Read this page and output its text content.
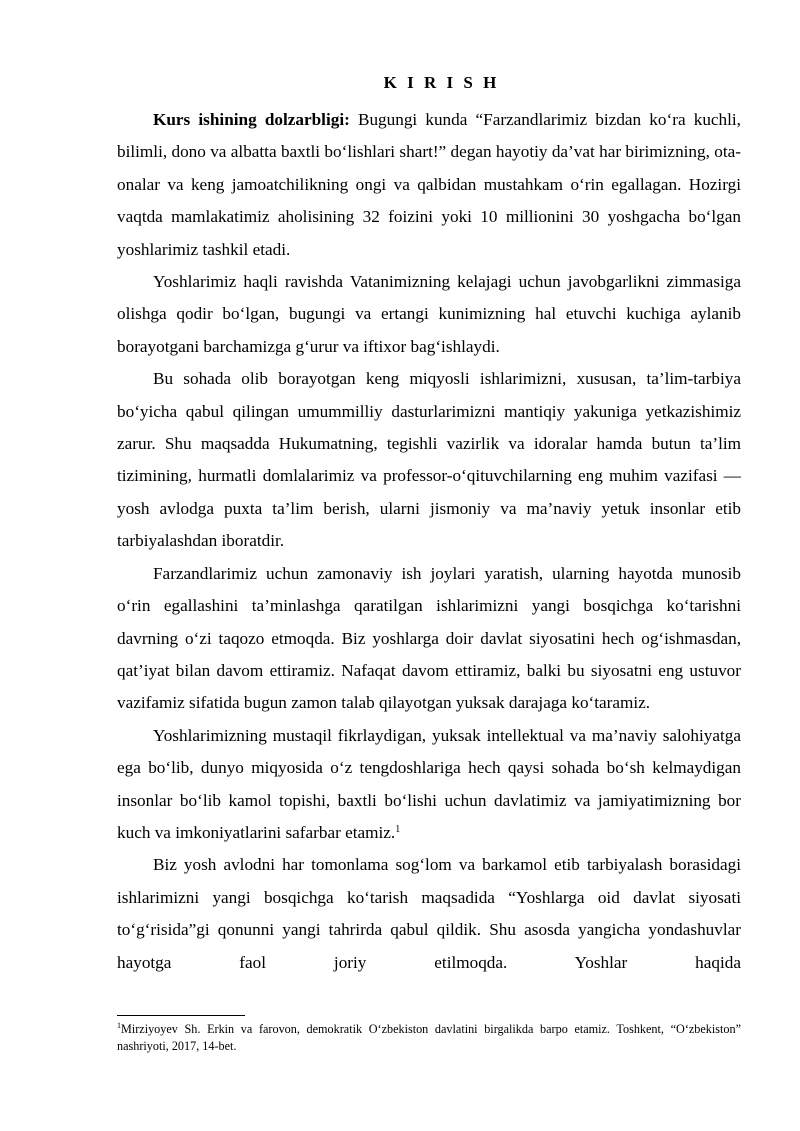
K I R I S H

Kurs ishining dolzarbligi: Bugungi kunda “Farzandlarimiz bizdan ko‘ra kuchli, bilimli, dono va albatta baxtli bo‘lishlari shart!” degan hayotiy da’vat har birimizning, ota-onalar va keng jamoatchilikning ongi va qalbidan mustahkam o‘rin egallagan. Hozirgi vaqtda mamlakatimiz aholisining 32 foizini yoki 10 millionini 30 yoshgacha bo‘lgan yoshlarimiz tashkil etadi.

Yoshlarimiz haqli ravishda Vatanimizning kelajagi uchun javobgarlikni zimmasiga olishga qodir bo‘lgan, bugungi va ertangi kunimizning hal etuvchi kuchiga aylanib borayotgani barchamizga g‘urur va iftixor bag‘ishlaydi.

Bu sohada olib borayotgan keng miqyosli ishlarimizni, xususan, ta’lim-tarbiya bo‘yicha qabul qilingan umummilliy dasturlarimizni mantiqiy yakuniga yetkazishimiz zarur. Shu maqsadda Hukumatning, tegishli vazirlik va idoralar hamda butun ta’lim tizimining, hurmatli domlalarimiz va professor-o‘qituvchilarning eng muhim vazifasi — yosh avlodga puxta ta’lim berish, ularni jismoniy va ma’naviy yetuk insonlar etib tarbiyalashdan iboratdir.

Farzandlarimiz uchun zamonaviy ish joylari yaratish, ularning hayotda munosib o‘rin egallashini ta’minlashga qaratilgan ishlarimizni yangi bosqichga ko‘tarishni davrning o‘zi taqozo etmoqda. Biz yoshlarga doir davlat siyosatini hech og‘ishmasdan, qat’iyat bilan davom ettiramiz. Nafaqat davom ettiramiz, balki bu siyosatni eng ustuvor vazifamiz sifatida bugun zamon talab qilayotgan yuksak darajaga ko‘taramiz.

Yoshlarimizning mustaqil fikrlaydigan, yuksak intellektual va ma’naviy salohiyatga ega bo‘lib, dunyo miqyosida o‘z tengdoshlariga hech qaysi sohada bo‘sh kelmaydigan insonlar bo‘lib kamol topishi, baxtli bo‘lishi uchun davlatimiz va jamiyatimizning bor kuch va imkoniyatlarini safarbar etamiz.$^1$

Biz yosh avlodni har tomonlama sog‘lom va barkamol etib tarbiyalash borasidagi ishlarimizni yangi bosqichga ko‘tarish maqsadida “Yoshlarga oid davlat siyosati to‘g‘risida”gi qonunni yangi tahrirda qabul qildik. Shu asosda yangicha yondashuvlar hayotga faol joriy etilmoqda. Yoshlar haqida

$^1$Mirziyoyev Sh. Erkin va farovon, demokratik O‘zbekiston davlatini birgalikda barpo etamiz. Toshkent, “O‘zbekiston” nashriyoti, 2017, 14-bet.
